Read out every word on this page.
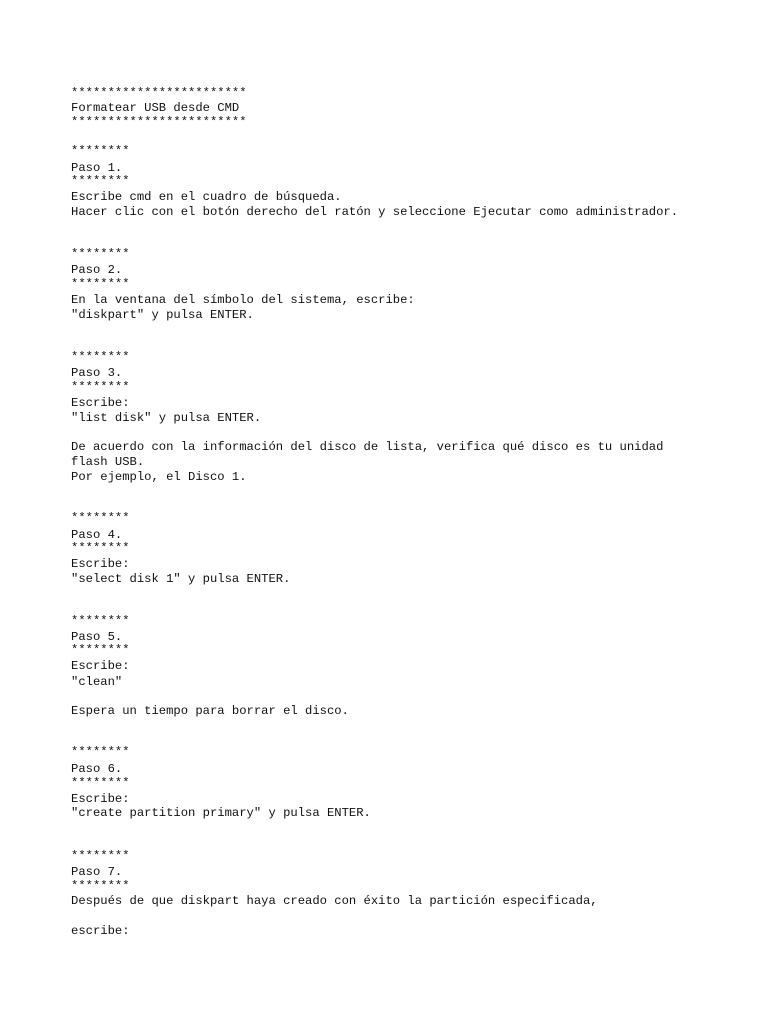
************************
Formatear USB desde CMD
************************
********
Paso 1.
********
Escribe cmd en el cuadro de búsqueda.
Hacer clic con el botón derecho del ratón y seleccione Ejecutar como administrador.
********
Paso 2.
********
En la ventana del símbolo del sistema, escribe:
"diskpart" y pulsa ENTER.
********
Paso 3.
********
Escribe:
"list disk" y pulsa ENTER.
De acuerdo con la información del disco de lista, verifica qué disco es tu unidad
flash USB.
Por ejemplo, el Disco 1.
********
Paso 4.
********
Escribe:
"select disk 1" y pulsa ENTER.
********
Paso 5.
********
Escribe:
"clean"
Espera un tiempo para borrar el disco.
********
Paso 6.
********
Escribe:
"create partition primary" y pulsa ENTER.
********
Paso 7.
********
Después de que diskpart haya creado con éxito la partición especificada,
escribe:
